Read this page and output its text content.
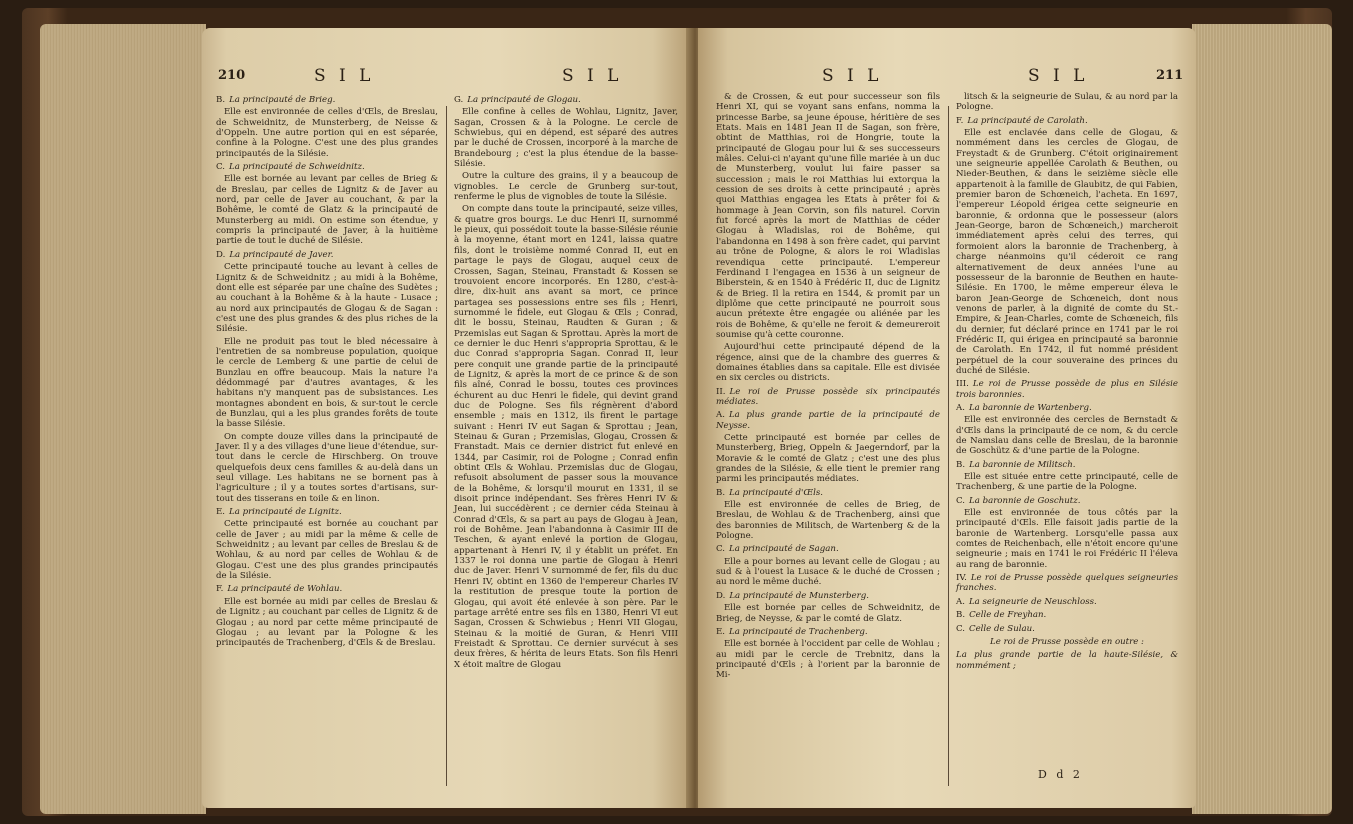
210	S I L	S I L

B. La principauté de Brieg.

Elle est environnée de celles d'Œls, de Breslau, de Schweidnitz, de Munsterberg, de Neisse & d'Oppeln. Une autre portion qui en est séparée, confine à la Pologne. C'est une des plus grandes principautés de la Silésie.

C. La principauté de Schweidnitz.

Elle est bornée au levant par celles de Brieg & de Breslau, par celles de Lignitz & de Javer au nord, par celle de Javer au couchant, & par la Bohême, le comté de Glatz & la principauté de Munsterberg au midi. On estime son étendue, y compris la principauté de Javer, à la huitième partie de tout le duché de Silésie.

D. La principauté de Javer.

Cette principauté touche au levant à celles de Lignitz & de Schweidnitz ; au midi à la Bohême, dont elle est séparée par une chaîne des Sudètes ; au couchant à la Bohême & à la haute - Lusace ; au nord aux principautés de Glogau & de Sagan : c'est une des plus grandes & des plus riches de la Silésie.

Elle ne produit pas tout le bled nécessaire à l'entretien de sa nombreuse population, quoique le cercle de Lemberg & une partie de celui de Bunzlau en offre beaucoup. Mais la nature l'a dédommagé par d'autres avantages, & les habitans n'y manquent pas de subsistances. Les montagnes abondent en bois, & sur-tout le cercle de Bunzlau, qui a les plus grandes forêts de toute la basse Silésie.

On compte douze villes dans la principauté de Javer. Il y a des villages d'une lieue d'étendue, sur-tout dans le cercle de Hirschberg. On trouve quelquefois deux cens familles & au-delà dans un seul village. Les habitans ne se bornent pas à l'agriculture ; il y a toutes sortes d'artisans, sur-tout des tisserans en toile & en linon.

E. La principauté de Lignitz.

Cette principauté est bornée au couchant par celle de Javer ; au midi par la même & celle de Schweidnitz ; au levant par celles de Breslau & de Wohlau, & au nord par celles de Wohlau & de Glogau. C'est une des plus grandes principautés de la Silésie.

F. La principauté de Wohlau.

Elle est bornée au midi par celles de Breslau & de Lignitz ; au couchant par celles de Lignitz & de Glogau ; au nord par cette même principauté de Glogau ; au levant par la Pologne & les principautés de Trachenberg, d'Œls & de Breslau.

G. La principauté de Glogau.

Elle confine à celles de Wohlau, Lignitz, Javer, Sagan, Crossen & à la Pologne. Le cercle de Schwiebus, qui en dépend, est séparé des autres par le duché de Crossen, incorporé à la marche de Brandebourg ; c'est la plus étendue de la basse-Silésie.

Outre la culture des grains, il y a beaucoup de vignobles. Le cercle de Grunberg sur-tout, renferme le plus de vignobles de toute la Silésie.

On compte dans toute la principauté, seize villes, & quatre gros bourgs. Le duc Henri II, surnommé le pieux, qui possédoit toute la basse-Silésie réunie à la moyenne, étant mort en 1241, laissa quatre fils, dont le troisième nommé Conrad II, eut en partage le pays de Glogau, auquel ceux de Crossen, Sagan, Steinau, Franstadt & Kossen se trouvoient encore incorporés. En 1280, c'est-à-dire, dix-huit ans avant sa mort, ce prince partagea ses possessions entre ses fils ; Henri, surnommé le fidele, eut Glogau & Œls ; Conrad, dit le bossu, Steinau, Raudten & Guran ; & Przemislas eut Sagan & Sprottau. Après la mort de ce dernier le duc Henri s'appropria Sprottau, & le duc Conrad s'appropria Sagan. Conrad II, leur pere conquit une grande partie de la principauté de Lignitz, & après la mort de ce prince & de son fils aîné, Conrad le bossu, toutes ces provinces échurent au duc Henri le fidele, qui devint grand duc de Pologne. Ses fils régnèrent d'abord ensemble ; mais en 1312, ils firent le partage suivant : Henri IV eut Sagan & Sprottau ; Jean, Steinau & Guran ; Przemislas, Glogau, Crossen & Franstadt. Mais ce dernier district fut enlevé en 1344, par Casimir, roi de Pologne ; Conrad enfin obtint Œls & Wohlau. Przemislas duc de Glogau, refusoit absolument de passer sous la mouvance de la Bohême, & lorsqu'il mourut en 1331, il se disoit prince indépendant. Ses frères Henri IV & Jean, lui succédèrent ; ce dernier céda Steinau à Conrad d'Œls, & sa part au pays de Glogau à Jean, roi de Bohême. Jean l'abandonna à Casimir III de Teschen, & ayant enlevé la portion de Glogau, appartenant à Henri IV, il y établit un préfet. En 1337 le roi donna une partie de Glogau à Henri duc de Javer. Henri V surnommé de fer, fils du duc Henri IV, obtint en 1360 de l'empereur Charles IV la restitution de presque toute la portion de Glogau, qui avoit été enlevée à son père. Par le partage arrêté entre ses fils en 1380, Henri VI eut Sagan, Crossen & Schwiebus ; Henri VII Glogau, Steinau & la moitié de Guran, & Henri VIII Freistadt & Sprottau. Ce dernier survécut à ses deux frères, & hérita de leurs Etats. Son fils Henri X étoit maître de Glogau

S I L	S I L	211

& de Crossen, & eut pour successeur son fils Henri XI, qui se voyant sans enfans, nomma la princesse Barbe, sa jeune épouse, héritière de ses Etats. Mais en 1481 Jean II de Sagan, son frère, obtint de Matthias, roi de Hongrie, toute la principauté de Glogau pour lui & ses successeurs mâles. Celui-ci n'ayant qu'une fille mariée à un duc de Munsterberg, voulut lui faire passer sa succession ; mais le roi Matthias lui extorqua la cession de ses droits à cette principauté ; après quoi Matthias engagea les Etats à prêter foi & hommage à Jean Corvin, son fils naturel. Corvin fut forcé après la mort de Matthias de céder Glogau à Wladislas, roi de Bohême, qui l'abandonna en 1498 à son frère cadet, qui parvint au trône de Pologne, & alors le roi Wladislas revendiqua cette principauté. L'empereur Ferdinand I l'engagea en 1536 à un seigneur de Biberstein, & en 1540 à Frédéric II, duc de Lignitz & de Brieg. Il la retira en 1544, & promit par un diplôme que cette principauté ne pourroit sous aucun prétexte être engagée ou aliénée par les rois de Bohême, & qu'elle ne feroit & demeureroit soumise qu'à cette couronne.

Aujourd'hui cette principauté dépend de la régence, ainsi que de la chambre des guerres & domaines établies dans sa capitale. Elle est divisée en six cercles ou districts.

II. Le roi de Prusse possède six principautés médiates.

A. La plus grande partie de la principauté de Neysse.

Cette principauté est bornée par celles de Munsterberg, Brieg, Oppeln & Jaegerndorf, par la Moravie & le comté de Glatz ; c'est une des plus grandes de la Silésie, & elle tient le premier rang parmi les principautés médiates.

B. La principauté d'Œls.

Elle est environnée de celles de Brieg, de Breslau, de Wohlau & de Trachenberg, ainsi que des baronnies de Militsch, de Wartenberg & de la Pologne.

C. La principauté de Sagan.

Elle a pour bornes au levant celle de Glogau ; au sud & à l'ouest la Lusace & le duché de Crossen ; au nord le même duché.

D. La principauté de Munsterberg.

Elle est bornée par celles de Schweidnitz, de Brieg, de Neysse, & par le comté de Glatz.

E. La principauté de Trachenberg.

Elle est bornée à l'occident par celle de Wohlau ; au midi par le cercle de Trebnitz, dans la principauté d'Œls ; à l'orient par la baronnie de Mi-

litsch & la seigneurie de Sulau, & au nord par la Pologne.

F. La principauté de Carolath.

Elle est enclavée dans celle de Glogau, & nommément dans les cercles de Glogau, de Freystadt & de Grunberg. C'étoit originairement une seigneurie appellée Carolath & Beuthen, ou Nieder-Beuthen, & dans le seizième siècle elle appartenoit à la famille de Glaubitz, de qui Fabien, premier baron de Schœneich, l'acheta. En 1697, l'empereur Léopold érigea cette seigneurie en baronnie, & ordonna que le possesseur (alors Jean-George, baron de Schœneich,) marcheroit immédiatement après celui des terres, qui formoient alors la baronnie de Trachenberg, à charge néanmoins qu'il céderoit ce rang alternativement de deux années l'une au possesseur de la baronnie de Beuthen en haute-Silésie. En 1700, le même empereur éleva le baron Jean-George de Schœneich, dont nous venons de parler, à la dignité de comte du St.-Empire, & Jean-Charles, comte de Schœneich, fils du dernier, fut déclaré prince en 1741 par le roi Frédéric II, qui érigea en principauté sa baronnie de Carolath. En 1742, il fut nommé président perpétuel de la cour souveraine des princes du duché de Silésie.

III. Le roi de Prusse possède de plus en Silésie trois baronnies.

A. La baronnie de Wartenberg.

Elle est environnée des cercles de Bernstadt & d'Œls dans la principauté de ce nom, & du cercle de Namslau dans celle de Breslau, de la baronnie de Goschütz & d'une partie de la Pologne.

B. La baronnie de Militsch.

Elle est située entre cette principauté, celle de Trachenberg, & une partie de la Pologne.

C. La baronnie de Goschutz.

Elle est environnée de tous côtés par la principauté d'Œls. Elle faisoit jadis partie de la baronie de Wartenberg. Lorsqu'elle passa aux comtes de Reichenbach, elle n'étoit encore qu'une seigneurie ; mais en 1741 le roi Frédéric II l'éleva au rang de baronnie.

IV. Le roi de Prusse possède quelques seigneuries franches.

A. La seigneurie de Neuschloss.

B. Celle de Freyhan.

C. Celle de Sulau.

Le roi de Prusse possède en outre :

La plus grande partie de la haute-Silésie, & nommément ;

D d 2
